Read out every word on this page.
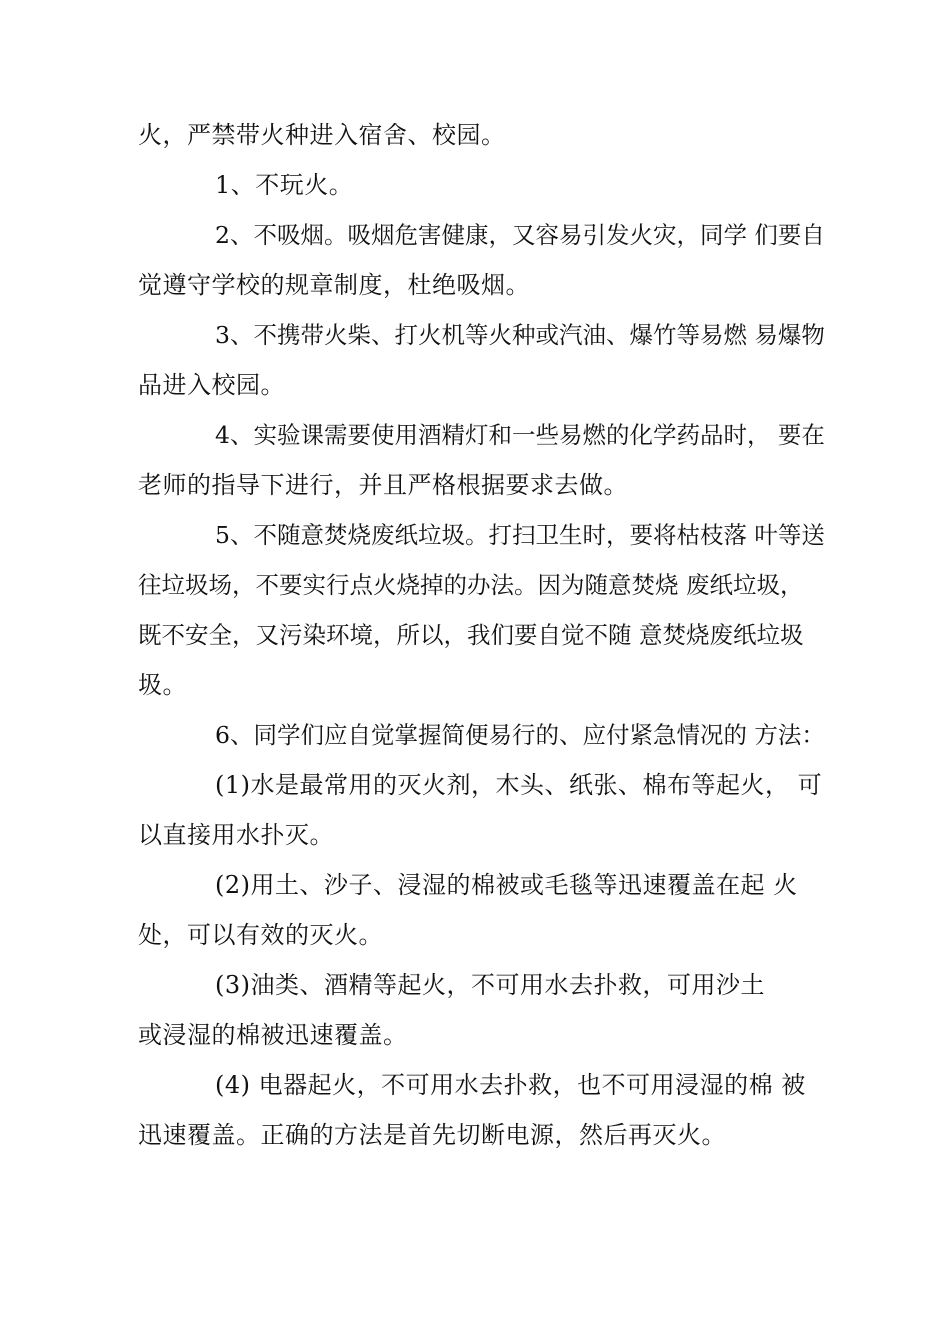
火，严禁带火种进入宿舍、校园。
1、不玩火。
2、不吸烟。吸烟危害健康，又容易引发火灾，同学 们要自
觉遵守学校的规章制度，杜绝吸烟。
3、不携带火柴、打火机等火种或汽油、爆竹等易燃 易爆物
品进入校园。
4、实验课需要使用酒精灯和一些易燃的化学药品时， 要在
老师的指导下进行，并且严格根据要求去做。
5、不随意焚烧废纸垃圾。打扫卫生时，要将枯枝落 叶等送
往垃圾场，不要实行点火烧掉的办法。因为随意焚烧 废纸垃圾，
既不安全，又污染环境，所以，我们要自觉不随 意焚烧废纸垃圾
圾。
6、同学们应自觉掌握简便易行的、应付紧急情况的 方法：
(1)水是最常用的灭火剂，木头、纸张、棉布等起火， 可
以直接用水扑灭。
(2)用土、沙子、浸湿的棉被或毛毯等迅速覆盖在起 火
处，可以有效的灭火。
(3)油类、酒精等起火，不可用水去扑救，可用沙土
或浸湿的棉被迅速覆盖。
(4) 电器起火，不可用水去扑救，也不可用浸湿的棉 被
迅速覆盖。正确的方法是首先切断电源，然后再灭火。
